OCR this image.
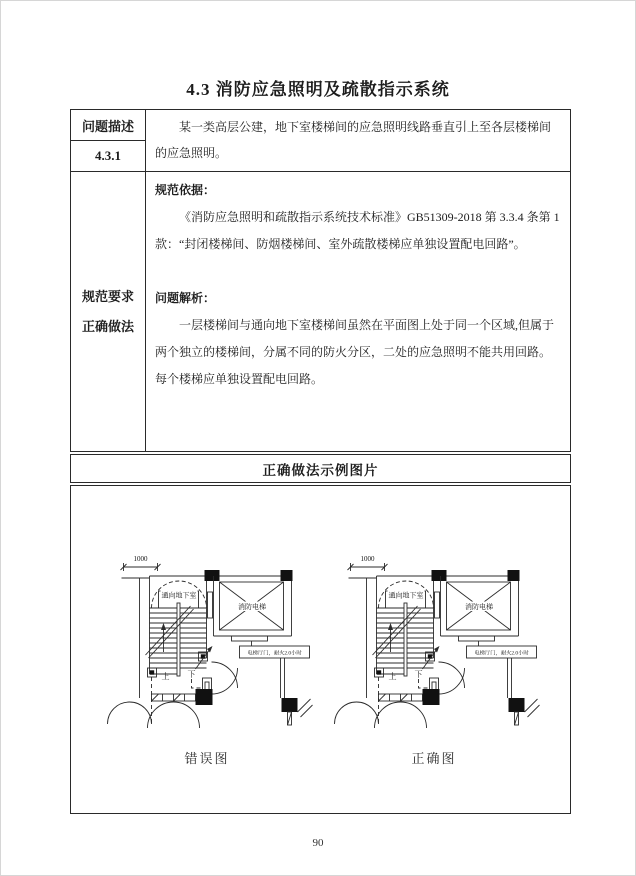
4.3 消防应急照明及疏散指示系统
问题描述
4.3.1
某一类高层公建，地下室楼梯间的应急照明线路垂直引上至各层楼梯间的应急照明。
规范要求
正确做法
规范依据：
《消防应急照明和疏散指示系统技术标准》GB51309-2018 第 3.3.4 条第 1 款：“封闭楼梯间、防烟楼梯间、室外疏散楼梯应单独设置配电回路”。
问题解析：
一层楼梯间与通向地下室楼梯间虽然在平面图上处于同一个区域,但属于两个独立的楼梯间，分属不同的防火分区，二处的应急照明不能共用回路。每个楼梯应单独设置配电回路。
正确做法示例图片
1000
通向地下室
消防电梯
电梯厅门，耐火2.0小时
上 下
错误图
1000
通向地下室
消防电梯
电梯厅门，耐火2.0小时
上 下
正确图
90
